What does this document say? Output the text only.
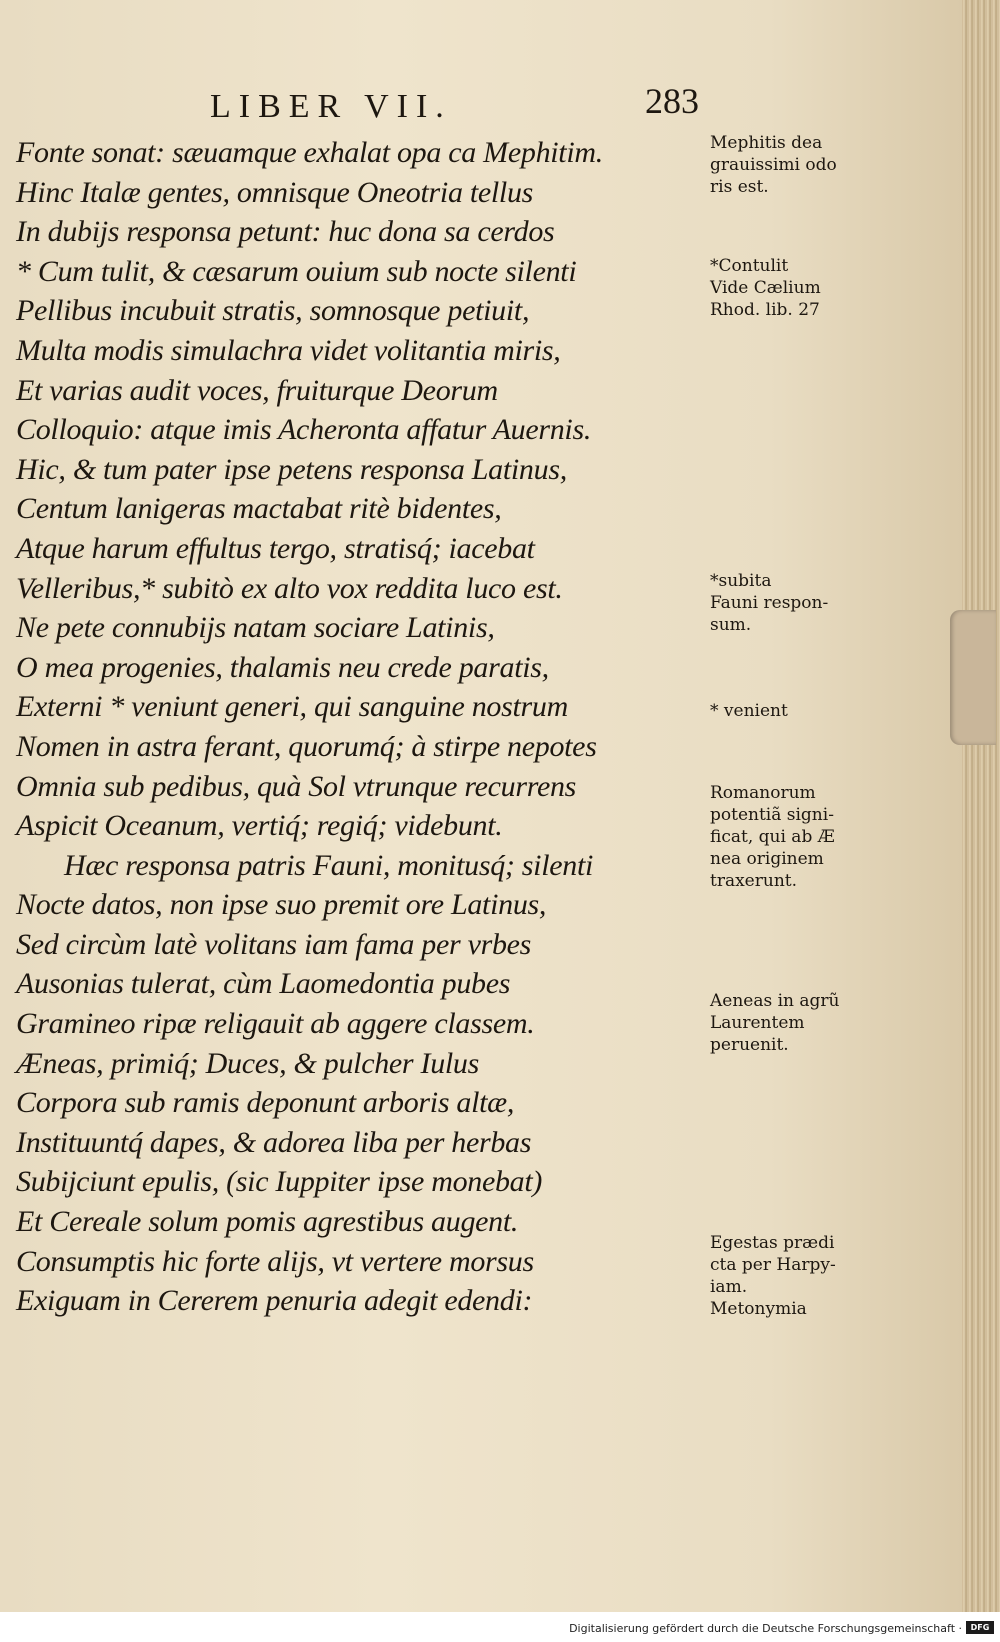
LIBER VII.	283
Fonte sonat: sæuamque exhalat opa ca Mephitim.
Hinc Italæ gentes, omnisque Oneotria tellus
In dubijs responsa petunt: huc dona sa cerdos
* Cum tulit, & cæsarum ouium sub nocte silenti
Pellibus incubuit stratis, somnosque petiuit,
Multa modis simulachra videt volitantia miris,
Et varias audit voces, fruiturque Deorum
Colloquio: atque imis Acheronta affatur Auernis.
Hic, & tum pater ipse petens responsa Latinus,
Centum lanigeras mactabat ritè bidentes,
Atque harum effultus tergo, stratisq́; iacebat
Velleribus,* subitò ex alto vox reddita luco est.
Ne pete connubijs natam sociare Latinis,
O mea progenies, thalamis neu crede paratis,
Externi * veniunt generi, qui sanguine nostrum
Nomen in astra ferant, quorumq́; à stirpe nepotes
Omnia sub pedibus, quà Sol vtrunque recurrens
Aspicit Oceanum, vertiq́; regiq́; videbunt.
Hæc responsa patris Fauni, monitusq́; silenti
Nocte datos, non ipse suo premit ore Latinus,
Sed circùm latè volitans iam fama per vrbes
Ausonias tulerat, cùm Laomedontia pubes
Gramineo ripæ religauit ab aggere classem.
Æneas, primiq́; Duces, & pulcher Iulus
Corpora sub ramis deponunt arboris altæ,
Instituuntq́ dapes, & adorea liba per herbas
Subijciunt epulis, (sic Iuppiter ipse monebat)
Et Cereale solum pomis agrestibus augent.
Consumptis hic forte alijs, vt vertere morsus
Exiguam in Cererem penuria adegit edendi:
Mephitis dea
grauissimi odo
ris est.
*Contulit
Vide Cælium
Rhod. lib. 27
*subita
Fauni respon-
sum.
* venient
Romanorum
potentiã signi-
ficat, qui ab Æ
nea originem
traxerunt.
Aeneas in agrũ
Laurentem
peruenit.
Egestas prædi
cta per Harpy-
iam.
Metonymia
Digitalisierung gefördert durch die Deutsche Forschungsgemeinschaft ·	DFG
